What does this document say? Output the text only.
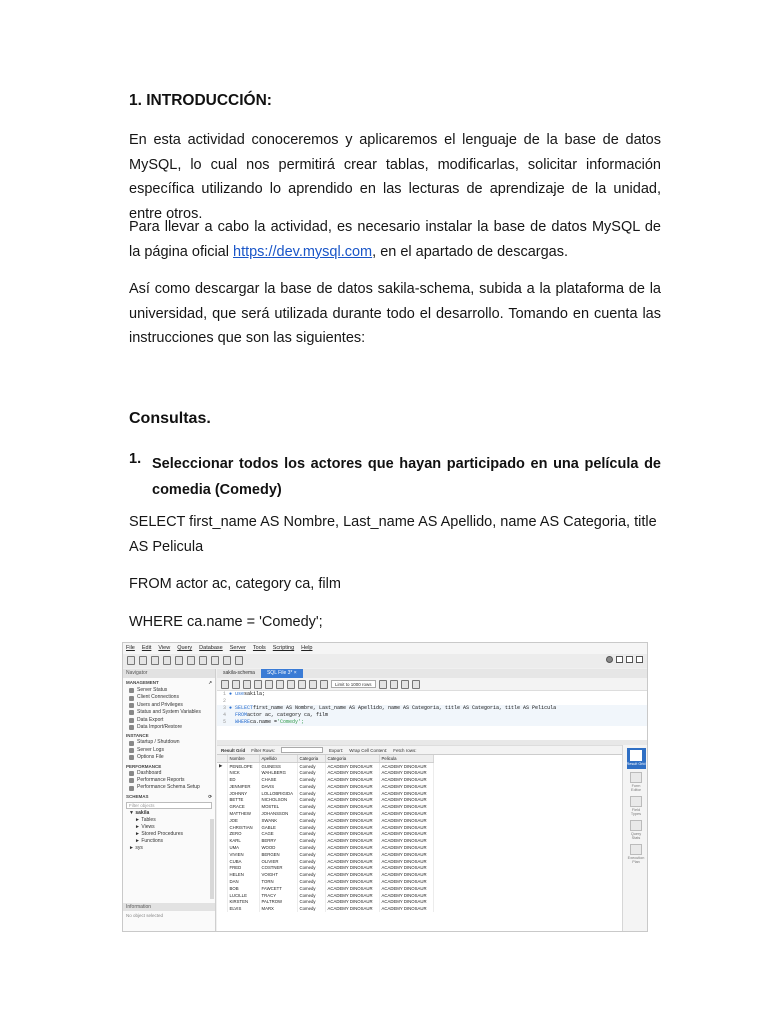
1. INTRODUCCIÓN:

En esta actividad conoceremos y aplicaremos el lenguaje de la base de datos MySQL, lo cual nos permitirá crear tablas, modificarlas, solicitar información específica utilizando lo aprendido en las lecturas de aprendizaje de la unidad, entre otros.

Para llevar a cabo la actividad, es necesario instalar la base de datos MySQL de la página oficial https://dev.mysql.com, en el apartado de descargas.

Así como descargar la base de datos sakila-schema, subida a la plataforma de la universidad, que será utilizada durante todo el desarrollo. Tomando en cuenta las instrucciones que son las siguientes:

Consultas.
1. Seleccionar todos los actores que hayan participado en una película de comedia (Comedy)
SELECT first_name AS Nombre, Last_name AS Apellido, name AS Categoria, title AS Pelicula
FROM actor ac, category ca, film
WHERE ca.name = 'Comedy';
File Edit View Query Database Server Tools Scripting Help
Navigator
MANAGEMENT	↗
Server Status
Client Connections
Users and Privileges
Status and System Variables
Data Export
Data Import/Restore
INSTANCE
Startup / Shutdown
Server Logs
Options File
PERFORMANCE
Dashboard
Performance Reports
Performance Schema Setup
SCHEMAS	⟳
Filter objects
▼ sakila
► Tables
► Views
► Stored Procedures
► Functions
► sys
Information
No object selected
sakila-schema	SQL File 3* ×
Limit to 1000 rows
1 ● use sakila;
2
3 ● SELECT first_name AS Nombre, Last_name AS Apellido, name AS Categoria, title AS Categoria, title AS Pelicula
4	FROM actor ac, category ca, film
5	WHERE ca.name = 'Comedy';
Result Grid Filter Rows:	Export: Wrap Cell Content: Fetch rows:
	Nombre	Apellido	Categoria	Categoria	Pelicula
▶	PENELOPE	GUINESS	Comedy	ACADEMY DINOSAUR	ACADEMY DINOSAUR
	NICK	WAHLBERG	Comedy	ACADEMY DINOSAUR	ACADEMY DINOSAUR
	ED	CHASE	Comedy	ACADEMY DINOSAUR	ACADEMY DINOSAUR
	JENNIFER	DAVIS	Comedy	ACADEMY DINOSAUR	ACADEMY DINOSAUR
	JOHNNY	LOLLOBRIGIDA	Comedy	ACADEMY DINOSAUR	ACADEMY DINOSAUR
	BETTE	NICHOLSON	Comedy	ACADEMY DINOSAUR	ACADEMY DINOSAUR
	GRACE	MOSTEL	Comedy	ACADEMY DINOSAUR	ACADEMY DINOSAUR
	MATTHEW	JOHANSSON	Comedy	ACADEMY DINOSAUR	ACADEMY DINOSAUR
	JOE	SWANK	Comedy	ACADEMY DINOSAUR	ACADEMY DINOSAUR
	CHRISTIAN	GABLE	Comedy	ACADEMY DINOSAUR	ACADEMY DINOSAUR
	ZERO	CAGE	Comedy	ACADEMY DINOSAUR	ACADEMY DINOSAUR
	KARL	BERRY	Comedy	ACADEMY DINOSAUR	ACADEMY DINOSAUR
	UMA	WOOD	Comedy	ACADEMY DINOSAUR	ACADEMY DINOSAUR
	VIVIEN	BERGEN	Comedy	ACADEMY DINOSAUR	ACADEMY DINOSAUR
	CUBA	OLIVIER	Comedy	ACADEMY DINOSAUR	ACADEMY DINOSAUR
	FRED	COSTNER	Comedy	ACADEMY DINOSAUR	ACADEMY DINOSAUR
	HELEN	VOIGHT	Comedy	ACADEMY DINOSAUR	ACADEMY DINOSAUR
	DAN	TORN	Comedy	ACADEMY DINOSAUR	ACADEMY DINOSAUR
	BOB	FAWCETT	Comedy	ACADEMY DINOSAUR	ACADEMY DINOSAUR
	LUCILLE	TRACY	Comedy	ACADEMY DINOSAUR	ACADEMY DINOSAUR
	KIRSTEN	PALTROW	Comedy	ACADEMY DINOSAUR	ACADEMY DINOSAUR
	ELVIS	MARX	Comedy	ACADEMY DINOSAUR	ACADEMY DINOSAUR
Result Grid
Form Editor
Field Types
Query Stats
Execution Plan
